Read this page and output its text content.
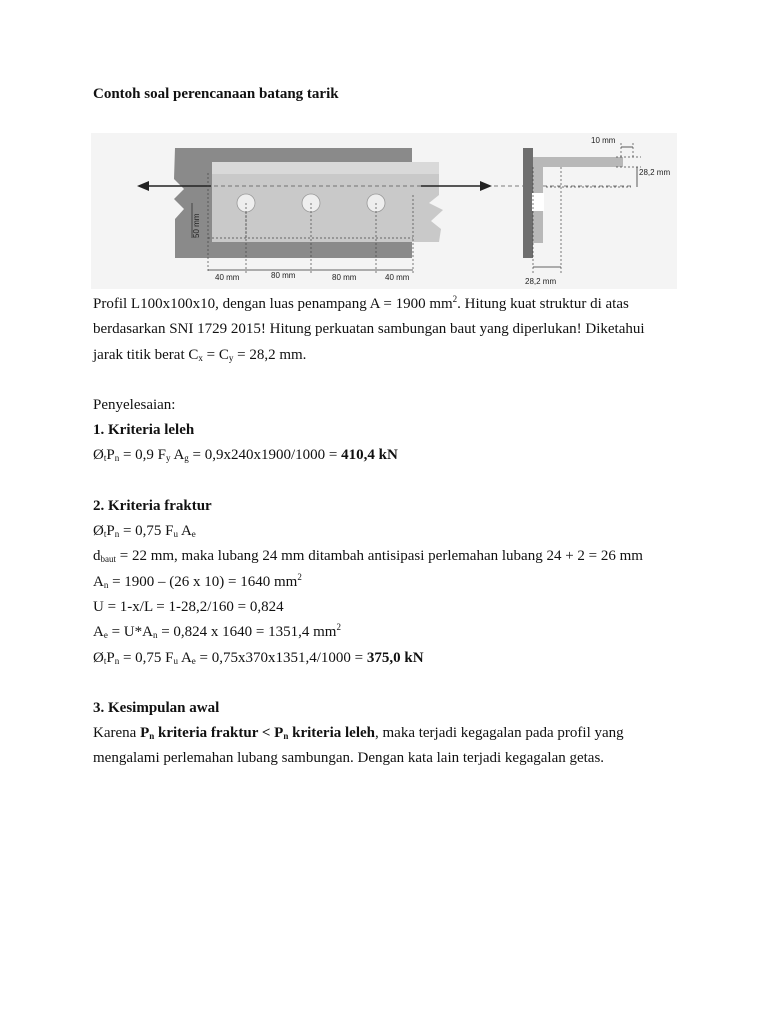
Contoh soal perencanaan batang tarik
40 mm	80 mm	80 mm	40 mm
50 mm
10 mm
28,2 mm
28,2 mm
Profil L100x100x10, dengan luas penampang A = 1900 $mm^2$. Hitung kuat struktur di atas
berdasarkan SNI 1729 2015! Hitung perkuatan sambungan baut yang diperlukan! Diketahui
jarak titik berat $C_x = C_y = 28,2$ mm.
Penyelesaian:
1. Kriteria leleh
$Ø_tP_n = 0,9$ $F_y$ $A_g = 0,9x240x1900/1000 = 410,4$ kN
2. Kriteria fraktur
$Ø_tP_n = 0,75$ $F_u$ $A_e$
$d_{baut} = 22$ mm, maka lubang 24 mm ditambah antisipasi perlemahan lubang 24 + 2 = 26 mm
$A_n = 1900 - (26$ x 10) = 1640 $mm^2$
U = 1-x/L = 1-28,2/160 = 0,824
$A_e = U*A_n = 0,824$ x 1640 = 1351,4 $mm^2$
$Ø_tP_n = 0,75$ $F_u$ $A_e = 0,75x370x1351,4/1000 = 375,0$ kN
3. Kesimpulan awal
Karena $P_n$ kriteria fraktur < $P_n$ kriteria leleh, maka terjadi kegagalan pada profil yang
mengalami perlemahan lubang sambungan. Dengan kata lain terjadi kegagalan getas.
